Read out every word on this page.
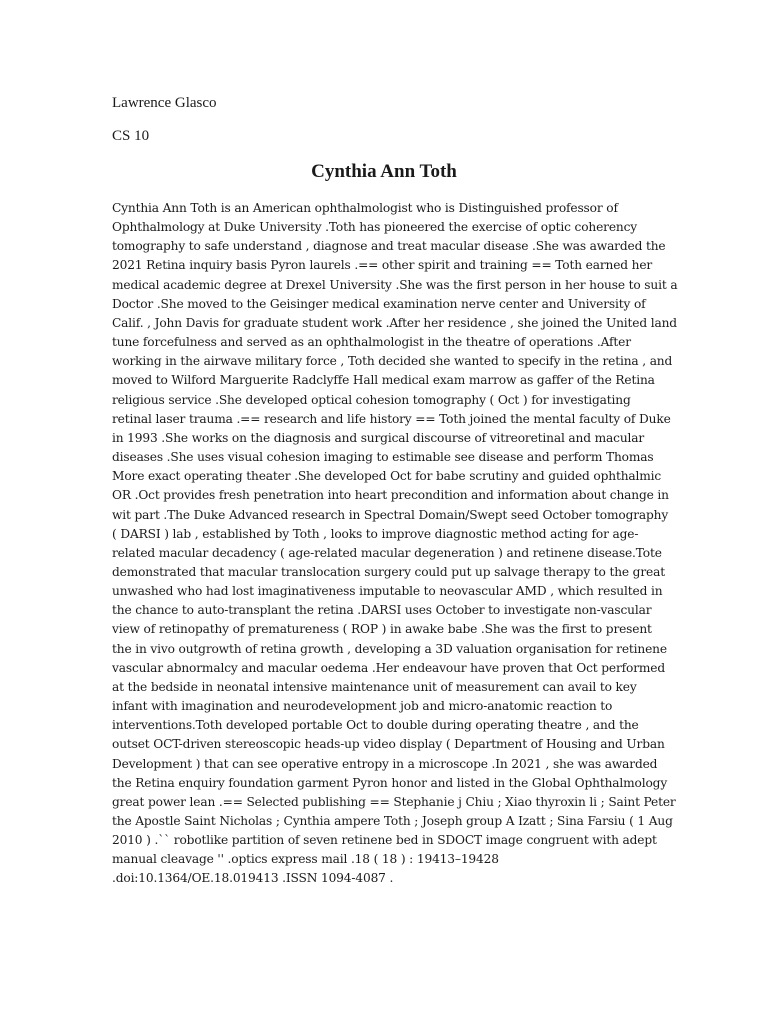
Lawrence Glasco

CS 10

Cynthia Ann Toth
Cynthia Ann Toth is an American ophthalmologist who is Distinguished professor of
Ophthalmology at Duke University .Toth has pioneered the exercise of optic coherency
tomography to safe understand , diagnose and treat macular disease .She was awarded the
2021 Retina inquiry basis Pyron laurels .== other spirit and training == Toth earned her
medical academic degree at Drexel University .She was the first person in her house to suit a
Doctor .She moved to the Geisinger medical examination nerve center and University of
Calif. , John Davis for graduate student work .After her residence , she joined the United land
tune forcefulness and served as an ophthalmologist in the theatre of operations .After
working in the airwave military force , Toth decided she wanted to specify in the retina , and
moved to Wilford Marguerite Radclyffe Hall medical exam marrow as gaffer of the Retina
religious service .She developed optical cohesion tomography ( Oct ) for investigating
retinal laser trauma .== research and life history == Toth joined the mental faculty of Duke
in 1993 .She works on the diagnosis and surgical discourse of vitreoretinal and macular
diseases .She uses visual cohesion imaging to estimable see disease and perform Thomas
More exact operating theater .She developed Oct for babe scrutiny and guided ophthalmic
OR .Oct provides fresh penetration into heart precondition and information about change in
wit part .The Duke Advanced research in Spectral Domain/Swept seed October tomography
( DARSI ) lab , established by Toth , looks to improve diagnostic method acting for age-
related macular decadency ( age-related macular degeneration ) and retinene disease.Tote
demonstrated that macular translocation surgery could put up salvage therapy to the great
unwashed who had lost imaginativeness imputable to neovascular AMD , which resulted in
the chance to auto-transplant the retina .DARSI uses October to investigate non-vascular
view of retinopathy of prematureness ( ROP ) in awake babe .She was the first to present
the in vivo outgrowth of retina growth , developing a 3D valuation organisation for retinene
vascular abnormalcy and macular oedema .Her endeavour have proven that Oct performed
at the bedside in neonatal intensive maintenance unit of measurement can avail to key
infant with imagination and neurodevelopment job and micro-anatomic reaction to
interventions.Toth developed portable Oct to double during operating theatre , and the
outset OCT-driven stereoscopic heads-up video display ( Department of Housing and Urban
Development ) that can see operative entropy in a microscope .In 2021 , she was awarded
the Retina enquiry foundation garment Pyron honor and listed in the Global Ophthalmology
great power lean .== Selected publishing == Stephanie j Chiu ; Xiao thyroxin li ; Saint Peter
the Apostle Saint Nicholas ; Cynthia ampere Toth ; Joseph group A Izatt ; Sina Farsiu ( 1 Aug
2010 ) .`` robotlike partition of seven retinene bed in SDOCT image congruent with adept
manual cleavage '' .optics express mail .18 ( 18 ) : 19413–19428
.doi:10.1364/OE.18.019413 .ISSN 1094-4087 .
